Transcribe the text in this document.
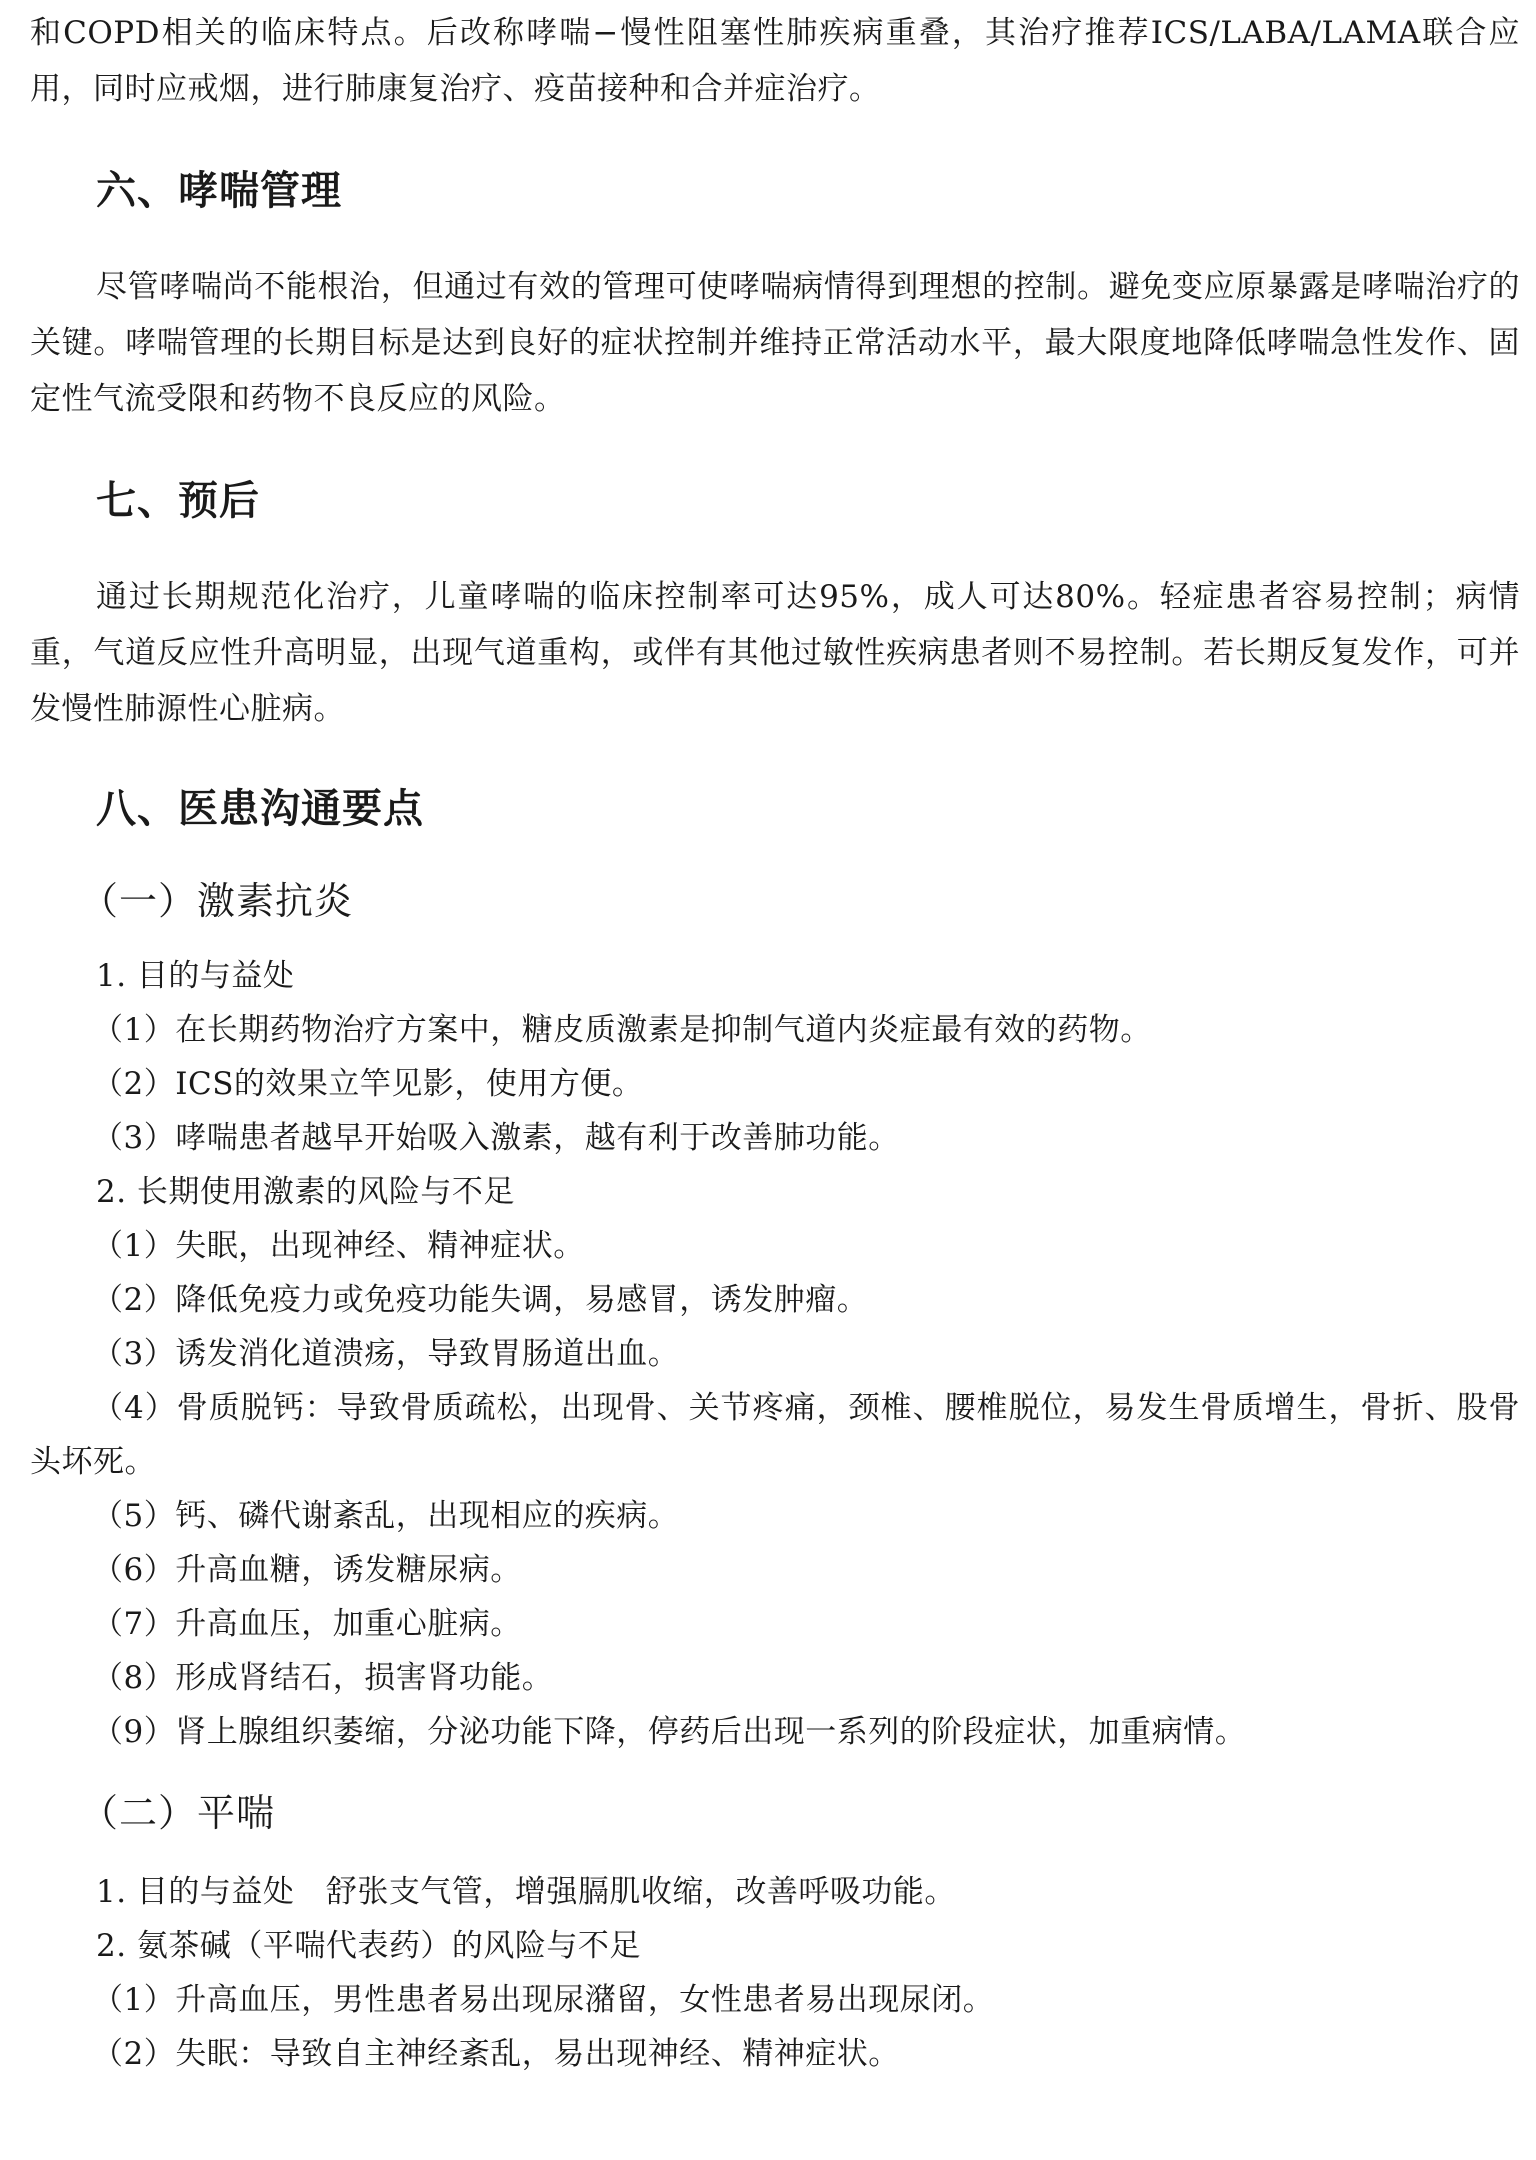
和COPD相关的临床特点。后改称哮喘−慢性阻塞性肺疾病重叠，其治疗推荐ICS/LABA/LAMA联合应用，同时应戒烟，进行肺康复治疗、疫苗接种和合并症治疗。

六、哮喘管理

尽管哮喘尚不能根治，但通过有效的管理可使哮喘病情得到理想的控制。避免变应原暴露是哮喘治疗的关键。哮喘管理的长期目标是达到良好的症状控制并维持正常活动水平，最大限度地降低哮喘急性发作、固定性气流受限和药物不良反应的风险。

七、预后

通过长期规范化治疗，儿童哮喘的临床控制率可达95%，成人可达80%。轻症患者容易控制；病情重，气道反应性升高明显，出现气道重构，或伴有其他过敏性疾病患者则不易控制。若长期反复发作，可并发慢性肺源性心脏病。

八、医患沟通要点
（一）激素抗炎

1. 目的与益处

（1）在长期药物治疗方案中，糖皮质激素是抑制气道内炎症最有效的药物。

（2）ICS的效果立竿见影，使用方便。

（3）哮喘患者越早开始吸入激素，越有利于改善肺功能。

2. 长期使用激素的风险与不足

（1）失眠，出现神经、精神症状。

（2）降低免疫力或免疫功能失调，易感冒，诱发肿瘤。

（3）诱发消化道溃疡，导致胃肠道出血。

（4）骨质脱钙：导致骨质疏松，出现骨、关节疼痛，颈椎、腰椎脱位，易发生骨质增生，骨折、股骨头坏死。

（5）钙、磷代谢紊乱，出现相应的疾病。

（6）升高血糖，诱发糖尿病。

（7）升高血压，加重心脏病。

（8）形成肾结石，损害肾功能。

（9）肾上腺组织萎缩，分泌功能下降，停药后出现一系列的阶段症状，加重病情。

（二）平喘

1. 目的与益处　舒张支气管，增强膈肌收缩，改善呼吸功能。

2. 氨茶碱（平喘代表药）的风险与不足

（1）升高血压，男性患者易出现尿潴留，女性患者易出现尿闭。

（2）失眠：导致自主神经紊乱，易出现神经、精神症状。
